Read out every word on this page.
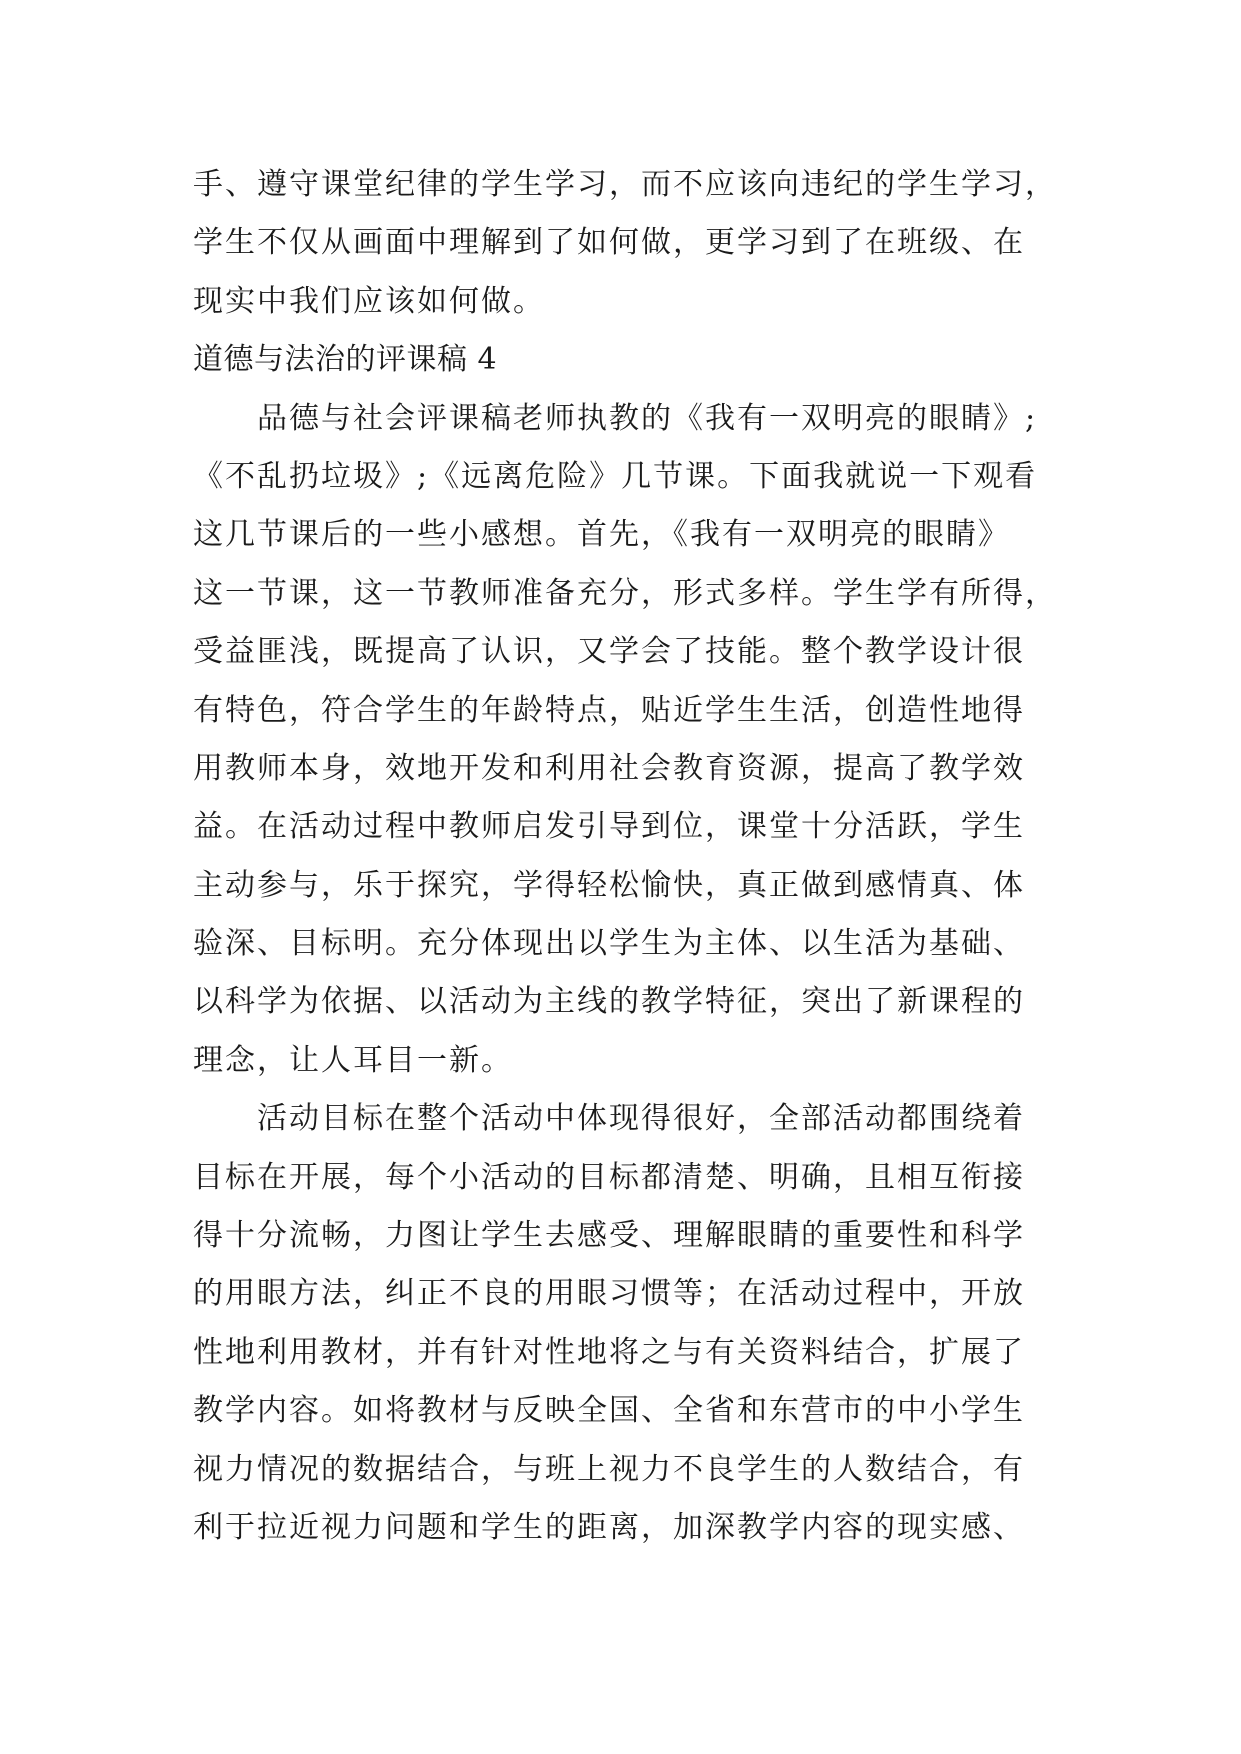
手、遵守课堂纪律的学生学习，而不应该向违纪的学生学习，
学生不仅从画面中理解到了如何做，更学习到了在班级、在
现实中我们应该如何做。
道德与法治的评课稿 4
品德与社会评课稿老师执教的《我有一双明亮的眼睛》;
《不乱扔垃圾》;《远离危险》几节课。下面我就说一下观看
这几节课后的一些小感想。首先，《我有一双明亮的眼睛》
这一节课，这一节教师准备充分，形式多样。学生学有所得，
受益匪浅，既提高了认识，又学会了技能。整个教学设计很
有特色，符合学生的年龄特点，贴近学生生活，创造性地得
用教师本身，效地开发和利用社会教育资源，提高了教学效
益。在活动过程中教师启发引导到位，课堂十分活跃，学生
主动参与，乐于探究，学得轻松愉快，真正做到感情真、体
验深、目标明。充分体现出以学生为主体、以生活为基础、
以科学为依据、以活动为主线的教学特征，突出了新课程的
理念，让人耳目一新。
活动目标在整个活动中体现得很好，全部活动都围绕着
目标在开展，每个小活动的目标都清楚、明确，且相互衔接
得十分流畅，力图让学生去感受、理解眼睛的重要性和科学
的用眼方法，纠正不良的用眼习惯等；在活动过程中，开放
性地利用教材，并有针对性地将之与有关资料结合，扩展了
教学内容。如将教材与反映全国、全省和东营市的中小学生
视力情况的数据结合，与班上视力不良学生的人数结合，有
利于拉近视力问题和学生的距离，加深教学内容的现实感、
